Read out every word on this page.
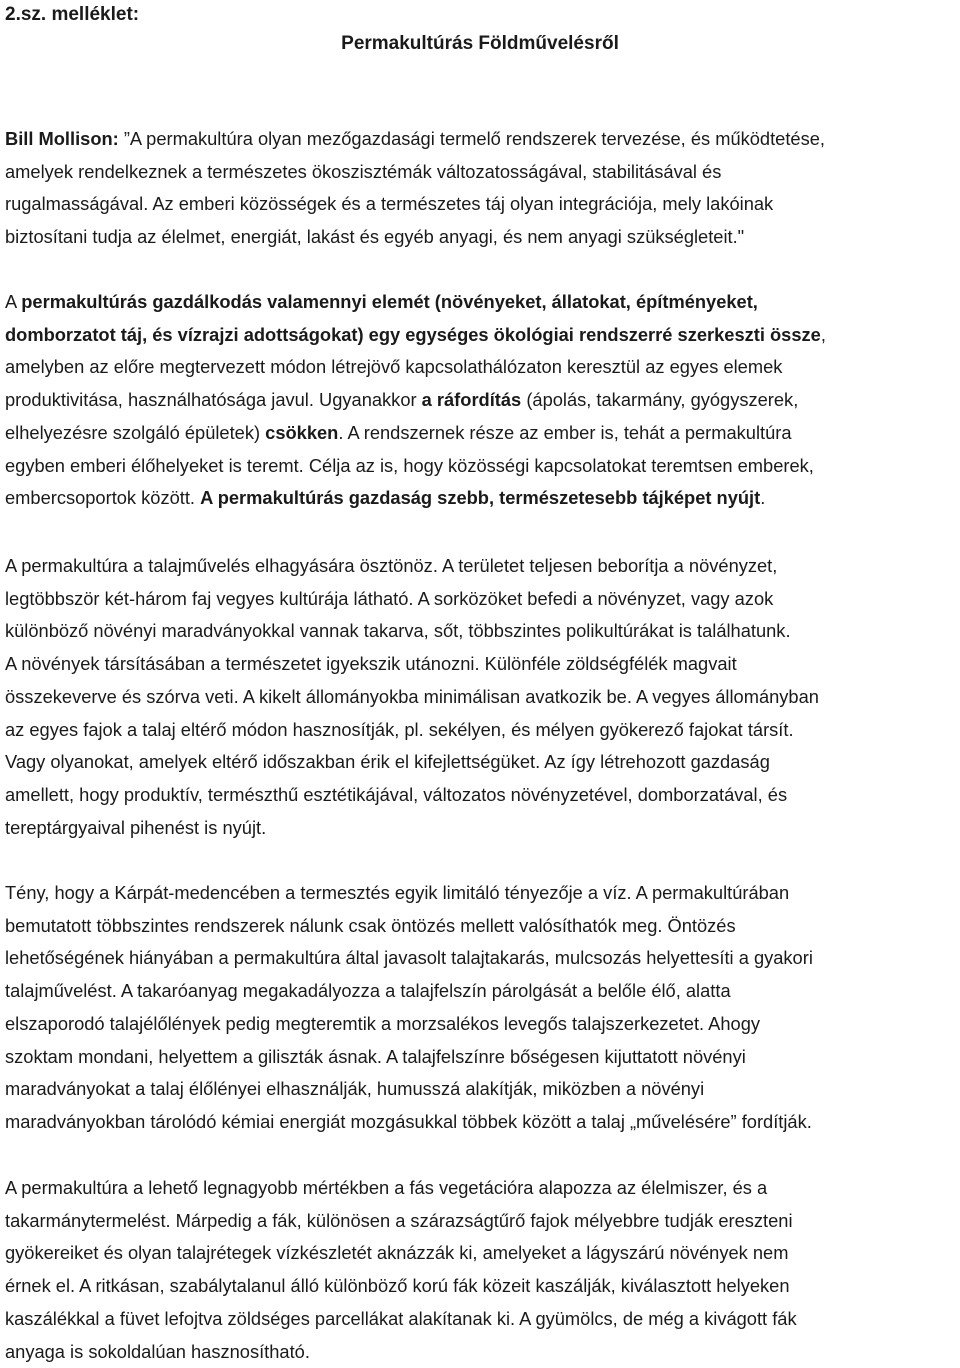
2.sz. melléklet:
Permakultúrás Földművelésről
Bill Mollison: ”A permakultúra olyan mezőgazdasági termelő rendszerek tervezése, és működtetése,
amelyek rendelkeznek a természetes ökoszisztémák változatosságával, stabilitásával és
rugalmasságával. Az emberi közösségek és a természetes táj olyan integrációja, mely lakóinak
biztosítani tudja az élelmet, energiát, lakást és egyéb anyagi, és nem anyagi szükségleteit."
A permakultúrás gazdálkodás valamennyi elemét (növényeket, állatokat, építményeket,
domborzatot táj, és vízrajzi adottságokat) egy egységes ökológiai rendszerré szerkeszti össze,
amelyben az előre megtervezett módon létrejövő kapcsolathálózaton keresztül az egyes elemek
produktivitása, használhatósága javul. Ugyanakkor a ráfordítás (ápolás, takarmány, gyógyszerek,
elhelyezésre szolgáló épületek) csökken. A rendszernek része az ember is, tehát a permakultúra
egyben emberi élőhelyeket is teremt. Célja az is, hogy közösségi kapcsolatokat teremtsen emberek,
embercsoportok között. A permakultúrás gazdaság szebb, természetesebb tájképet nyújt.
A permakultúra a talajművelés elhagyására ösztönöz. A területet teljesen beborítja a növényzet,
legtöbbször két-három faj vegyes kultúrája látható. A sorközöket befedi a növényzet, vagy azok
különböző növényi maradványokkal vannak takarva, sőt, többszintes polikultúrákat is találhatunk.
A növények társításában a természetet igyekszik utánozni. Különféle zöldségfélék magvait
összekeverve és szórva veti. A kikelt állományokba minimálisan avatkozik be. A vegyes állományban
az egyes fajok a talaj eltérő módon hasznosítják, pl. sekélyen, és mélyen gyökerező fajokat társít.
Vagy olyanokat, amelyek eltérő időszakban érik el kifejlettségüket. Az így létrehozott gazdaság
amellett, hogy produktív, természthű esztétikájával, változatos növényzetével, domborzatával, és
tereptárgyaival pihenést is nyújt.
Tény, hogy a Kárpát-medencében a termesztés egyik limitáló tényezője a víz. A permakultúrában
bemutatott többszintes rendszerek nálunk csak öntözés mellett valósíthatók meg. Öntözés
lehetőségének hiányában a permakultúra által javasolt talajtakarás, mulcsozás helyettesíti a gyakori
talajművelést. A takaróanyag megakadályozza a talajfelszín párolgását a belőle élő, alatta
elszaporodó talajélőlények pedig megteremtik a morzsalékos levegős talajszerkezetet. Ahogy
szoktam mondani, helyettem a giliszták ásnak. A talajfelszínre bőségesen kijuttatott növényi
maradványokat a talaj élőlényei elhasználják, humusszá alakítják, miközben a növényi
maradványokban tárolódó kémiai energiát mozgásukkal többek között a talaj „művelésére” fordítják.
A permakultúra a lehető legnagyobb mértékben a fás vegetációra alapozza az élelmiszer, és a
takarmánytermelést. Márpedig a fák, különösen a szárazságtűrő fajok mélyebbre tudják ereszteni
gyökereiket és olyan talajrétegek vízkészletét aknázzák ki, amelyeket a lágyszárú növények nem
érnek el. A ritkásan, szabálytalanul álló különböző korú fák közeit kaszálják, kiválasztott helyeken
kaszálékkal a füvet lefojtva zöldséges parcellákat alakítanak ki. A gyümölcs, de még a kivágott fák
anyaga is sokoldalúan hasznosítható.
